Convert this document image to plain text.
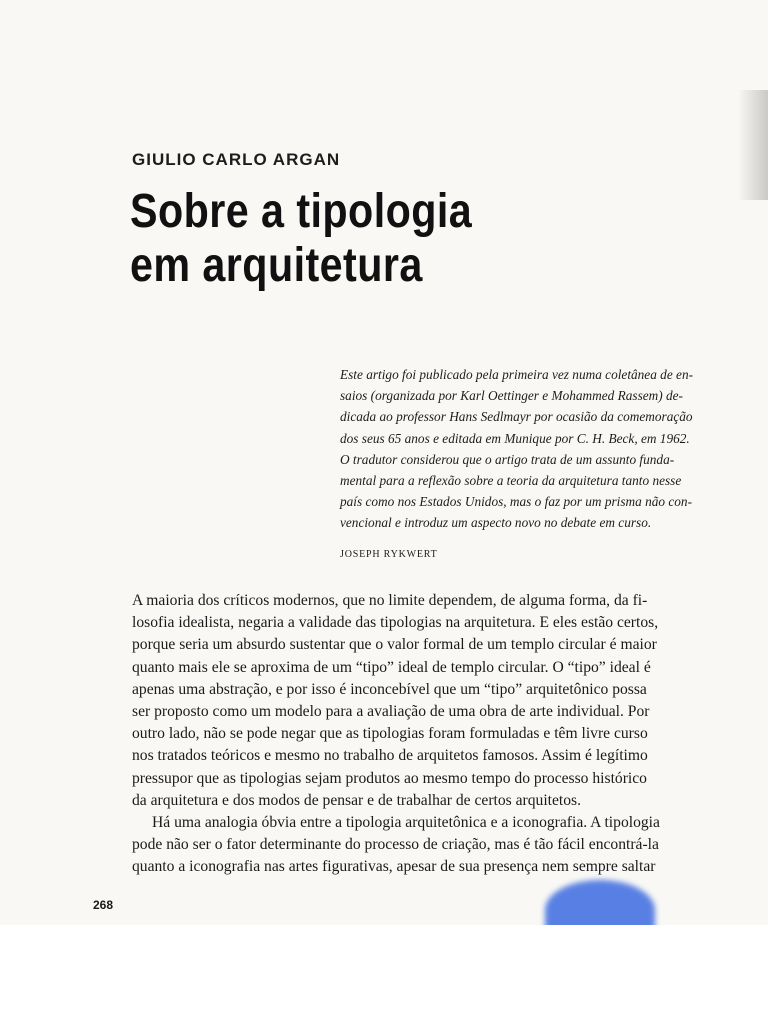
GIULIO CARLO ARGAN
Sobre a tipologia
em arquitetura
Este artigo foi publicado pela primeira vez numa coletânea de en-
saios (organizada por Karl Oettinger e Mohammed Rassem) de-
dicada ao professor Hans Sedlmayr por ocasião da comemoração
dos seus 65 anos e editada em Munique por C. H. Beck, em 1962.
O tradutor considerou que o artigo trata de um assunto funda-
mental para a reflexão sobre a teoria da arquitetura tanto nesse
país como nos Estados Unidos, mas o faz por um prisma não con-
vencional e introduz um aspecto novo no debate em curso.
JOSEPH RYKWERT
A maioria dos críticos modernos, que no limite dependem, de alguma forma, da fi-
losofia idealista, negaria a validade das tipologias na arquitetura. E eles estão certos,
porque seria um absurdo sustentar que o valor formal de um templo circular é maior
quanto mais ele se aproxima de um “tipo” ideal de templo circular. O “tipo” ideal é
apenas uma abstração, e por isso é inconcebível que um “tipo” arquitetônico possa
ser proposto como um modelo para a avaliação de uma obra de arte individual. Por
outro lado, não se pode negar que as tipologias foram formuladas e têm livre curso
nos tratados teóricos e mesmo no trabalho de arquitetos famosos. Assim é legítimo
pressupor que as tipologias sejam produtos ao mesmo tempo do processo histórico
da arquitetura e dos modos de pensar e de trabalhar de certos arquitetos.
Há uma analogia óbvia entre a tipologia arquitetônica e a iconografia. A tipologia
pode não ser o fator determinante do processo de criação, mas é tão fácil encontrá-la
quanto a iconografia nas artes figurativas, apesar de sua presença nem sempre saltar
268
